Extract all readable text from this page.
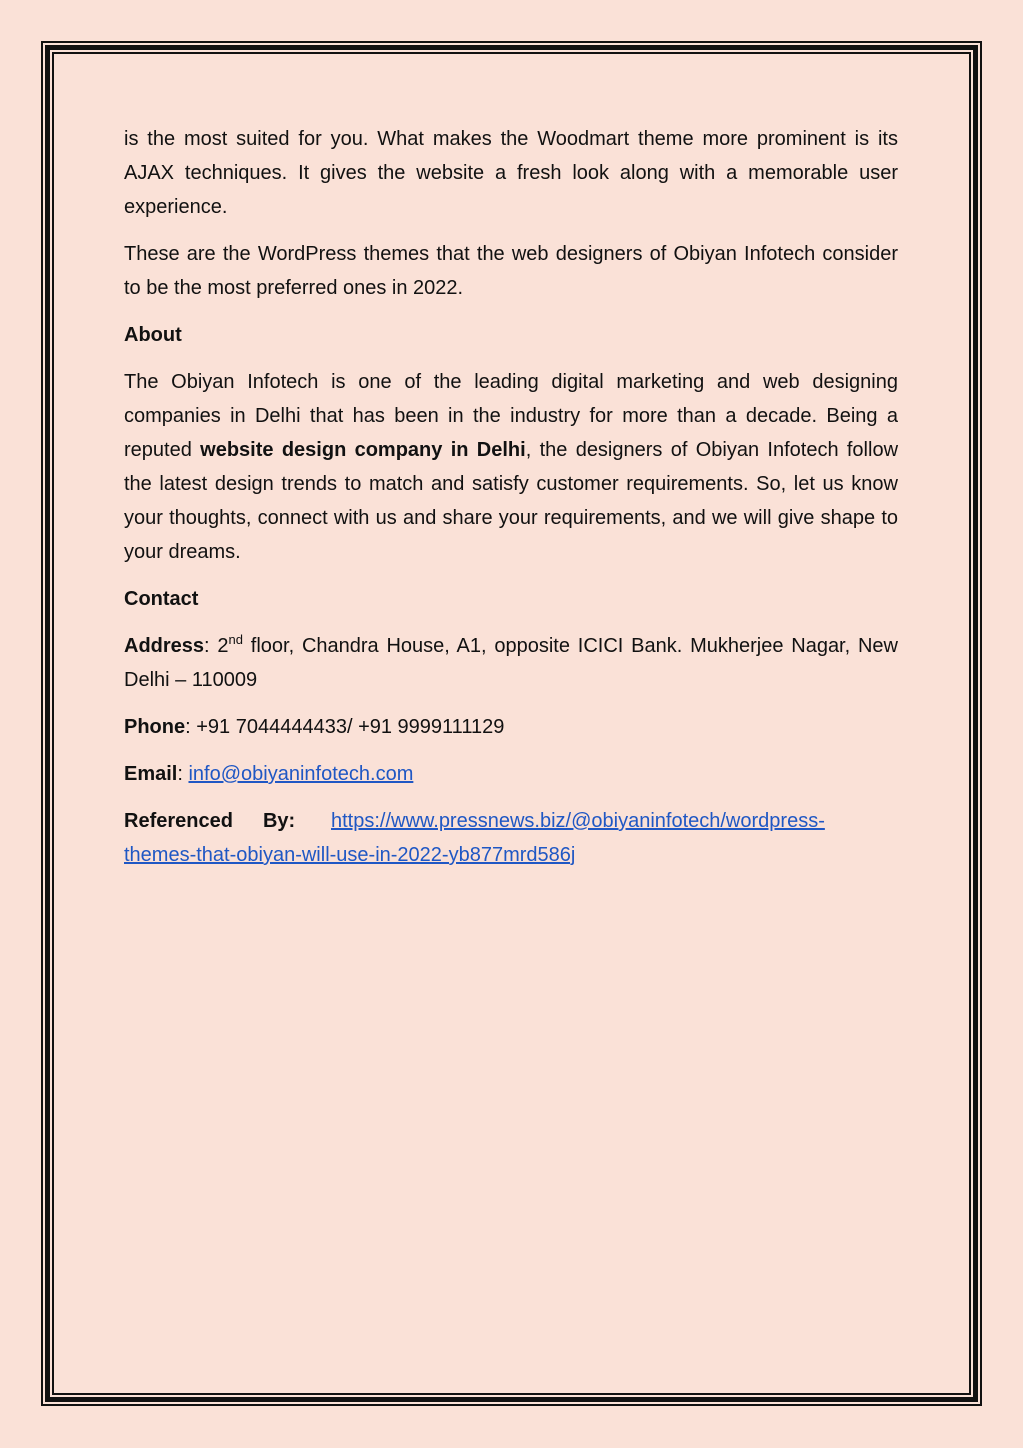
is the most suited for you. What makes the Woodmart theme more prominent is its AJAX techniques. It gives the website a fresh look along with a memorable user experience.

These are the WordPress themes that the web designers of Obiyan Infotech consider to be the most preferred ones in 2022.

About

The Obiyan Infotech is one of the leading digital marketing and web designing companies in Delhi that has been in the industry for more than a decade. Being a reputed website design company in Delhi, the designers of Obiyan Infotech follow the latest design trends to match and satisfy customer requirements. So, let us know your thoughts, connect with us and share your requirements, and we will give shape to your dreams.

Contact

Address: 2nd floor, Chandra House, A1, opposite ICICI Bank. Mukherjee Nagar, New Delhi – 110009

Phone: +91 7044444433/ +91 9999111129

Email: info@obiyaninfotech.com

Referenced By: https://www.pressnews.biz/@obiyaninfotech/wordpress-
themes-that-obiyan-will-use-in-2022-yb877mrd586j
